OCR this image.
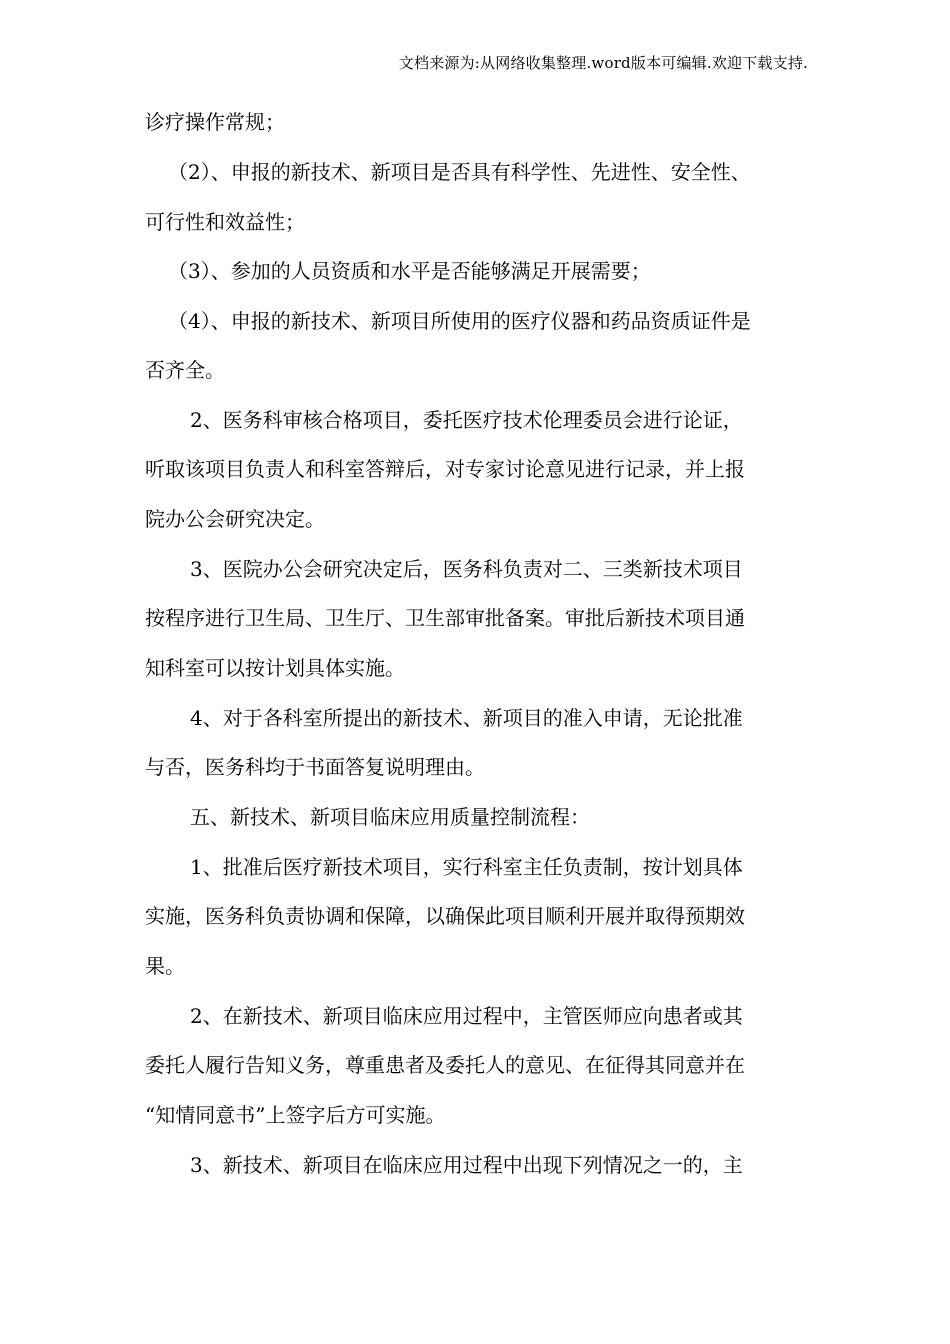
文档来源为:从网络收集整理.word版本可编辑.欢迎下载支持.
诊疗操作常规；
（2）、申报的新技术、新项目是否具有科学性、先进性、安全性、
可行性和效益性；
（3）、参加的人员资质和水平是否能够满足开展需要；
（4）、申报的新技术、新项目所使用的医疗仪器和药品资质证件是
否齐全。
2、医务科审核合格项目，委托医疗技术伦理委员会进行论证，
听取该项目负责人和科室答辩后，对专家讨论意见进行记录，并上报
院办公会研究决定。
3、医院办公会研究决定后，医务科负责对二、三类新技术项目
按程序进行卫生局、卫生厅、卫生部审批备案。审批后新技术项目通
知科室可以按计划具体实施。
4、对于各科室所提出的新技术、新项目的准入申请，无论批准
与否，医务科均于书面答复说明理由。
五、新技术、新项目临床应用质量控制流程：
1、批准后医疗新技术项目，实行科室主任负责制，按计划具体
实施，医务科负责协调和保障，以确保此项目顺利开展并取得预期效
果。
2、在新技术、新项目临床应用过程中，主管医师应向患者或其
委托人履行告知义务，尊重患者及委托人的意见、在征得其同意并在
“知情同意书”上签字后方可实施。
3、新技术、新项目在临床应用过程中出现下列情况之一的，主
